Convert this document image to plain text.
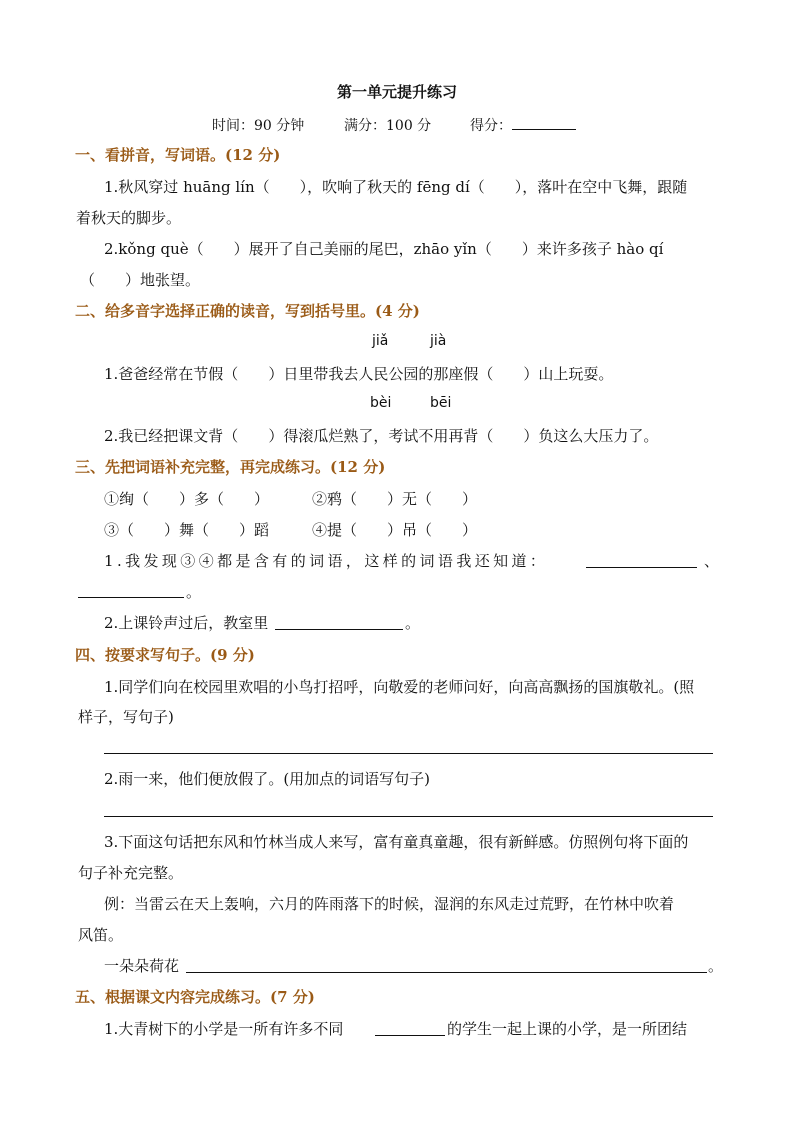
第一单元提升练习
时间：90 分钟	满分：100 分	得分：
一、看拼音，写词语。(12 分)
1.秋风穿过 huāng lín（　　），吹响了秋天的 fēng dí（　　），落叶在空中飞舞，跟随
着秋天的脚步。
2.kǒng què（　　）展开了自己美丽的尾巴，zhāo yǐn（　　）来许多孩子 hào qí
（　　）地张望。
二、给多音字选择正确的读音，写到括号里。(4 分)
jiǎ	jià
1.爸爸经常在节假（　　）日里带我去人民公园的那座假（　　）山上玩耍。
bèi	bēi
2.我已经把课文背（　　）得滚瓜烂熟了，考试不用再背（　　）负这么大压力了。
三、先把词语补充完整，再完成练习。(12 分)
①绚（　　）多（　　）	②鸦（　　）无（　　）
③（　　）舞（　　）蹈	④提（　　）吊（　　）
1.我发现③④都是含有的词语，这样的词语我还知道：	、
。
2.上课铃声过后，教室里	。
四、按要求写句子。(9 分)
1.同学们向在校园里欢唱的小鸟打招呼，向敬爱的老师问好，向高高飘扬的国旗敬礼。(照
样子，写句子)
2.雨一来，他们便放假了。(用加点的词语写句子)
3.下面这句话把东风和竹林当成人来写，富有童真童趣，很有新鲜感。仿照例句将下面的
句子补充完整。
例：当雷云在天上轰响，六月的阵雨落下的时候，湿润的东风走过荒野，在竹林中吹着
风笛。
一朵朵荷花	。
五、根据课文内容完成练习。(7 分)
1.大青树下的小学是一所有许多不同	的学生一起上课的小学，是一所团结
